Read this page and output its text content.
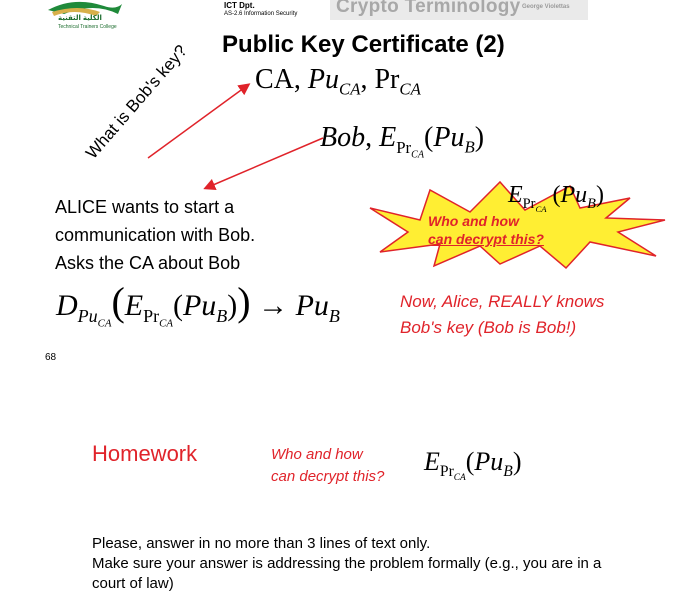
الكلية التقنية
Technical Trainers College
ICT Dpt.
AS-2.6 Information Security Crypto Terminology George Violettas
Public Key Certificate (2)
What is Bob's key? CA, $Pu_{CA}$, $Pr_{CA}$
Bob, $E_{Pr_{CA}}(Pu_B)$
$E_{Pr_{CA}}$ $(Pu_B)$
Who and how
can decrypt this?
ALICE wants to start a
communication with Bob.
Asks the CA about Bob
$D_{Pu_{CA}}(E_{Pr_{CA}}(Pu_B)) \to Pu_B$
Now, Alice, REALLY knows
Bob's key (Bob is Bob!)
68
Homework	Who and how
can decrypt this?
$E_{Pr_{CA}}(Pu_B)$
Please, answer in no more than 3 lines of text only.
Make sure your answer is addressing the problem formally (e.g., you are in a court of law)
